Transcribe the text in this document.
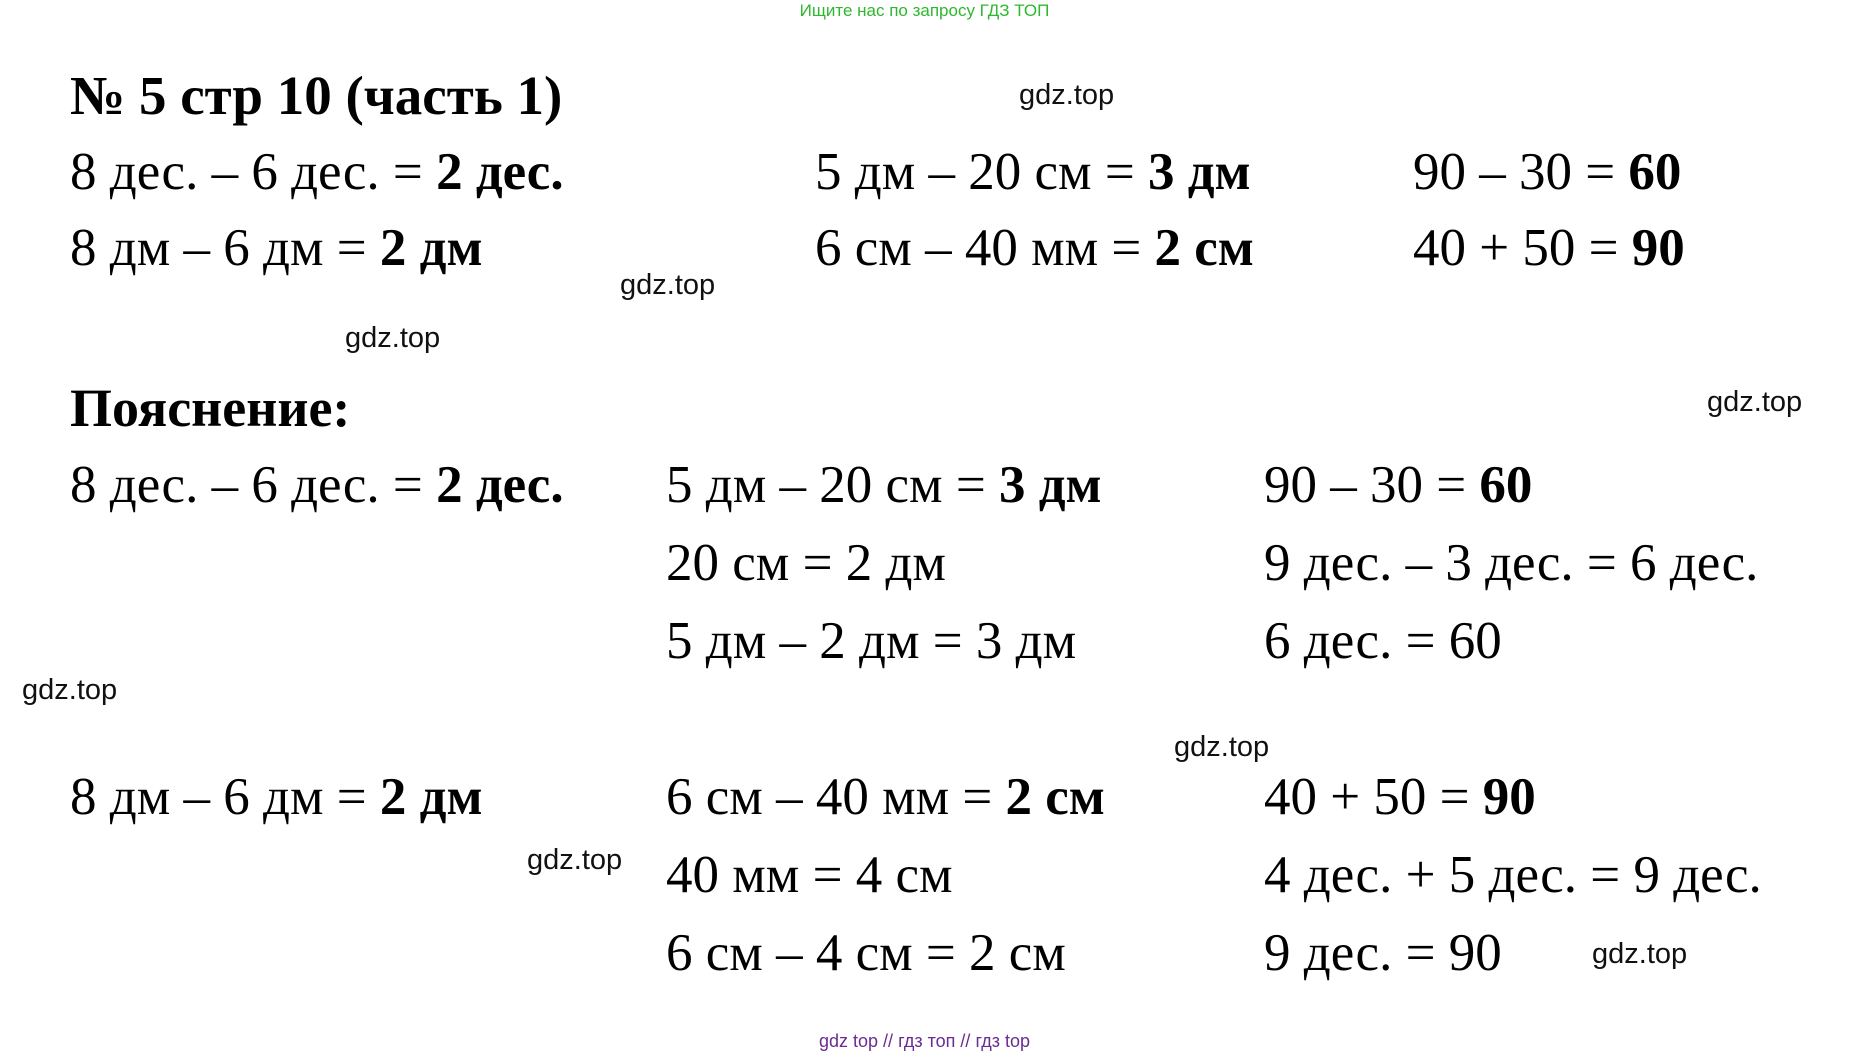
Ищите нас по запросу ГДЗ ТОП
№ 5 стр 10 (часть 1)
8 дес. – 6 дес. = 2 дес.
8 дм – 6 дм = 2 дм
5 дм – 20 см = 3 дм
6 см – 40 мм = 2 см
90 – 30 = 60
40 + 50 = 90
Пояснение:
8 дес. – 6 дес. = 2 дес. 5 дм – 20 см = 3 дм
20 см = 2 дм
5 дм – 2 дм = 3 дм
90 – 30 = 60
9 дес. – 3 дес. = 6 дес.
6 дес. = 60
8 дм – 6 дм = 2 дм	6 см – 40 мм = 2 см
40 мм = 4 см
6 см – 4 см = 2 см
40 + 50 = 90
4 дес. + 5 дес. = 9 дес.
9 дес. = 90
gdz.top
gdz.top
gdz.top
gdz.top
gdz.top
gdz.top
gdz.top
gdz.top
gdz top // гдз топ // гдз top
